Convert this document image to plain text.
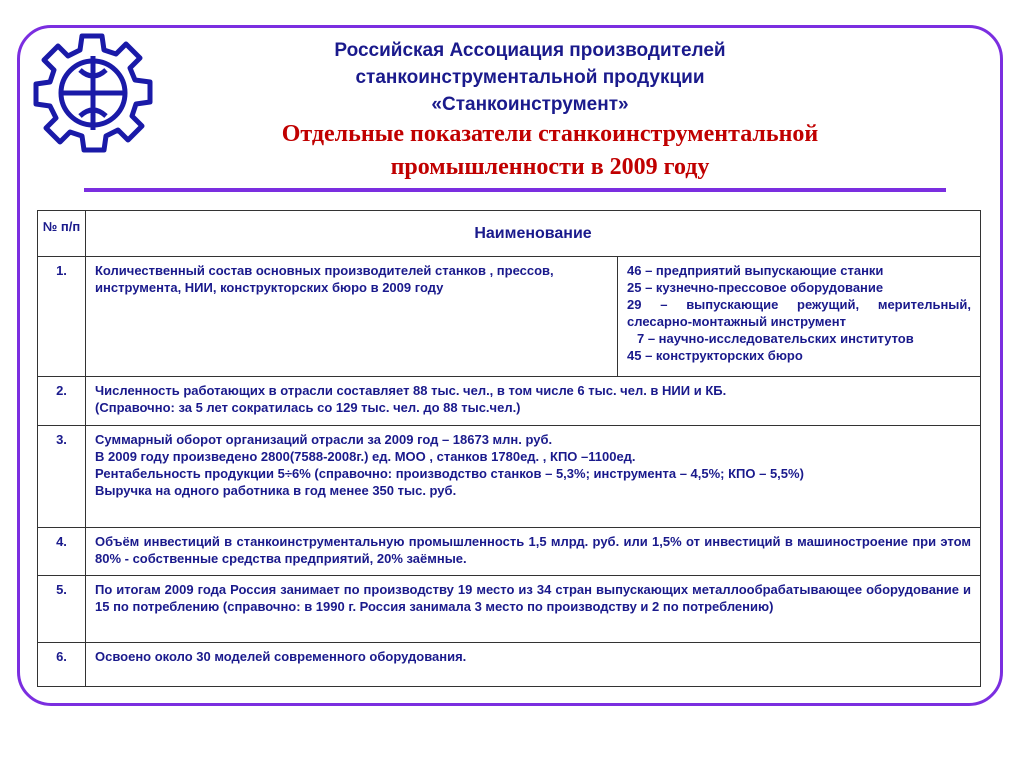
Российская Ассоциация производителей
станкоинструментальной продукции
«Станкоинструмент»
Отдельные показатели станкоинструментальной
промышленности в 2009 году
№ п/п	Наименование	
1.	Количественный состав основных производителей станков , прессов, инструмента, НИИ, конструкторских бюро в 2009 году	46 – предприятий выпускающие станки
25 – кузнечно-прессовое оборудование
29 – выпускающие режущий, мерительный, слесарно-монтажный инструмент
7 – научно-исследовательских институтов
45 – конструкторских бюро

2.	Численность работающих в отрасли составляет 88 тыс. чел., в том числе 6 тыс. чел. в НИИ и КБ.
(Справочно: за 5 лет сократилась со 129 тыс. чел. до 88 тыс.чел.)	

3.	Суммарный оборот организаций отрасли за 2009 год – 18673 млн. руб.
В 2009 году произведено 2800(7588-2008г.) ед. МОО , станков 1780ед. , КПО –1100ед.
Рентабельность продукции 5÷6% (справочно: производство станков – 5,3%; инструмента – 4,5%; КПО – 5,5%)
Выручка на одного работника в год менее 350 тыс. руб.	

4.	Объём инвестиций в станкоинструментальную промышленность 1,5 млрд. руб. или 1,5% от инвестиций в машиностроение при этом 80% - собственные средства предприятий, 20% заёмные.	
5.	По итогам 2009 года Россия занимает по производству 19 место из 34 стран выпускающих металлообрабатывающее оборудование и 15 по потреблению (справочно: в 1990 г. Россия занимала 3 место по производству и 2 по потреблению)	
6.	Освоено около 30 моделей современного оборудования.	
